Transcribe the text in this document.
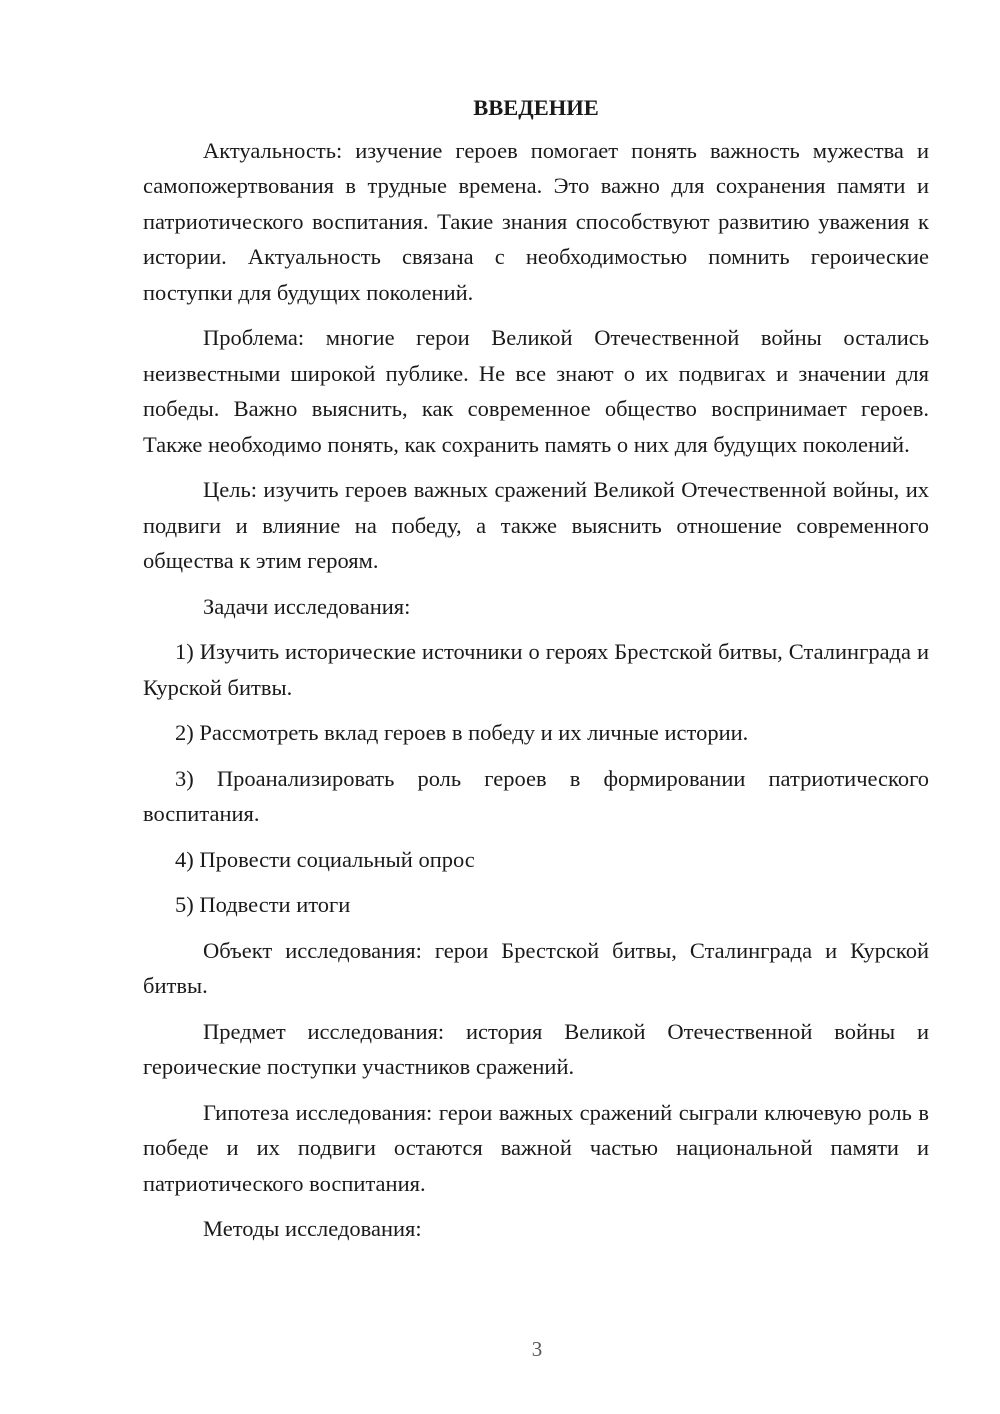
ВВЕДЕНИЕ

Актуальность: изучение героев помогает понять важность мужества и самопожертвования в трудные времена. Это важно для сохранения памяти и патриотического воспитания. Такие знания способствуют развитию уважения к истории. Актуальность связана с необходимостью помнить героические поступки для будущих поколений.

Проблема: многие герои Великой Отечественной войны остались неизвестными широкой публике. Не все знают о их подвигах и значении для победы. Важно выяснить, как современное общество воспринимает героев. Также необходимо понять, как сохранить память о них для будущих поколений.

Цель: изучить героев важных сражений Великой Отечественной войны, их подвиги и влияние на победу, а также выяснить отношение современного общества к этим героям.

Задачи исследования:

1) Изучить исторические источники о героях Брестской битвы, Сталинграда и Курской битвы.

2) Рассмотреть вклад героев в победу и их личные истории.

3) Проанализировать роль героев в формировании патриотического воспитания.

4) Провести социальный опрос

5) Подвести итоги

Объект исследования: герои Брестской битвы, Сталинграда и Курской битвы.

Предмет исследования: история Великой Отечественной войны и героические поступки участников сражений.

Гипотеза исследования: герои важных сражений сыграли ключевую роль в победе и их подвиги остаются важной частью национальной памяти и патриотического воспитания.

Методы исследования:

3
